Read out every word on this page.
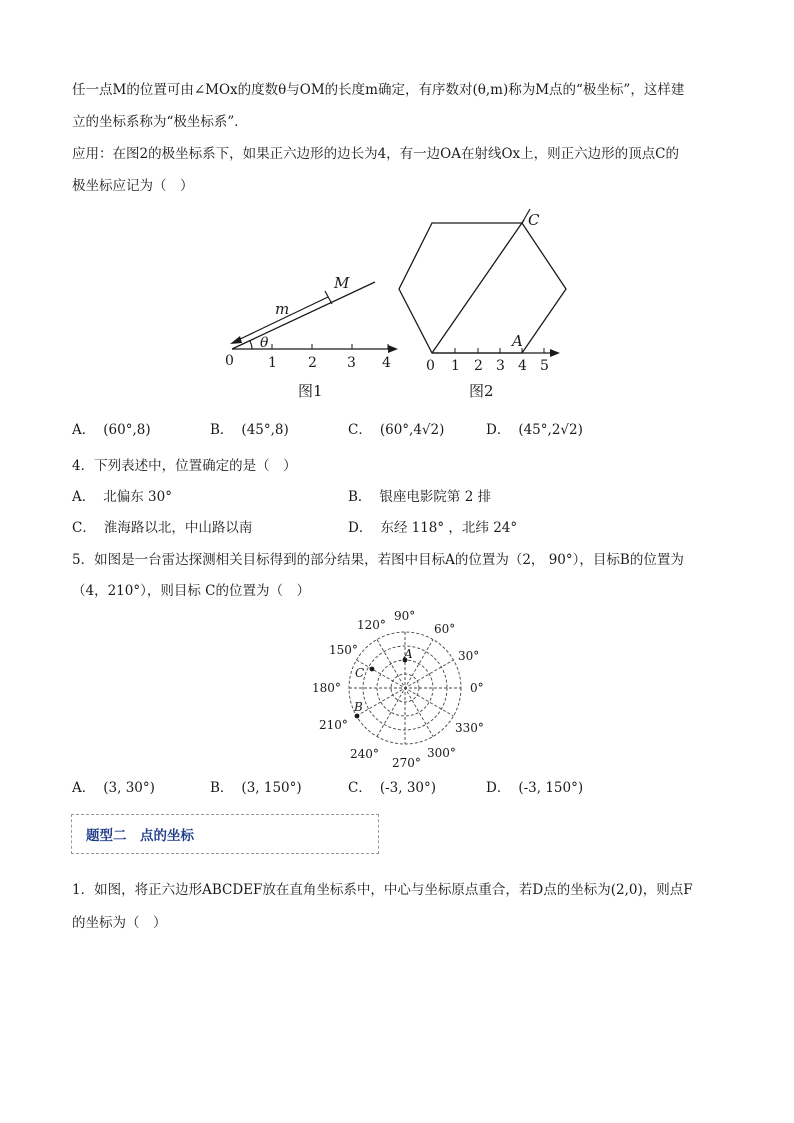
任一点M的位置可由∠MOx的度数θ与OM的长度m确定，有序数对(θ,m)称为M点的“极坐标”，这样建
立的坐标系称为“极坐标系”．
应用：在图2的极坐标系下，如果正六边形的边长为4，有一边OA在射线Ox上，则正六边形的顶点C的
极坐标应记为（　）
m
M
θ
0 1 2 3 4
图1
C
A
0 1 2 3 4 5
图2
A． (60°,8)	B． (45°,8)	C． (60°,4√2)	D． (45°,2√2)
4．下列表述中，位置确定的是（　）
A． 北偏东 30°	B． 银座电影院第 2 排
C． 淮海路以北，中山路以南	D． 东经 118° ，北纬 24°
5．如图是一台雷达探测相关目标得到的部分结果，若图中目标A的位置为（2， 90°），目标B的位置为
（4，210°），则目标 C的位置为（　）
0°
30°
60°
90°
120°
150°
180°
210°
240°
270°
300°
330°
A
C
B
A． (3, 30°)	B． (3, 150°)	C． (-3, 30°)	D． (-3, 150°)
题型二　点的坐标
1．如图，将正六边形ABCDEF放在直角坐标系中，中心与坐标原点重合，若D点的坐标为(2,0)，则点F
的坐标为（　）
